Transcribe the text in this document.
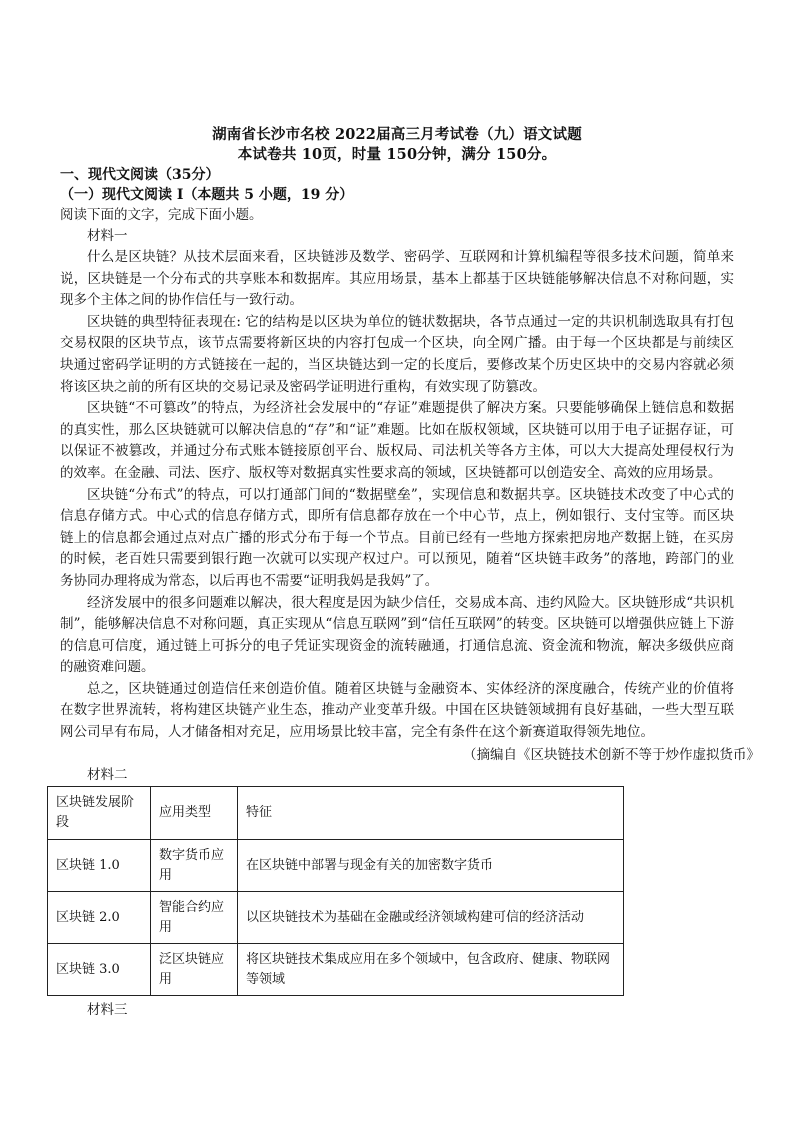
湖南省长沙市名校 2022届高三月考试卷（九）语文试题
本试卷共 10页，时量 150分钟，满分 150分。
一、现代文阅读（35分）
（一）现代文阅读 I（本题共 5 小题，19 分）

阅读下面的文字，完成下面小题。

材料一

什么是区块链？从技术层面来看，区块链涉及数学、密码学、互联网和计算机编程等很多技术问题，简单来说，区块链是一个分布式的共享账本和数据库。其应用场景，基本上都基于区块链能够解决信息不对称问题，实现多个主体之间的协作信任与一致行动。

区块链的典型特征表现在: 它的结构是以区块为单位的链状数据块，各节点通过一定的共识机制选取具有打包交易权限的区块节点，该节点需要将新区块的内容打包成一个区块，向全网广播。由于每一个区块都是与前续区块通过密码学证明的方式链接在一起的，当区块链达到一定的长度后，要修改某个历史区块中的交易内容就必须将该区块之前的所有区块的交易记录及密码学证明进行重构，有效实现了防篡改。

区块链“不可篡改”的特点，为经济社会发展中的“存证”难题提供了解决方案。只要能够确保上链信息和数据的真实性，那么区块链就可以解决信息的“存”和“证”难题。比如在版权领域，区块链可以用于电子证据存证，可以保证不被篡改，并通过分布式账本链接原创平台、版权局、司法机关等各方主体，可以大大提高处理侵权行为的效率。在金融、司法、医疗、版权等对数据真实性要求高的领域，区块链都可以创造安全、高效的应用场景。

区块链“分布式”的特点，可以打通部门间的“数据壁垒”，实现信息和数据共享。区块链技术改变了中心式的信息存储方式。中心式的信息存储方式，即所有信息都存放在一个中心节，点上，例如银行、支付宝等。而区块链上的信息都会通过点对点广播的形式分布于每一个节点。目前已经有一些地方探索把房地产数据上链，在买房的时候，老百姓只需要到银行跑一次就可以实现产权过户。可以预见，随着“区块链丰政务”的落地，跨部门的业务协同办理将成为常态，以后再也不需要“证明我妈是我妈”了。

经济发展中的很多问题难以解决，很大程度是因为缺少信任，交易成本高、违约风险大。区块链形成“共识机制”，能够解决信息不对称问题，真正实现从“信息互联网”到“信任互联网”的转变。区块链可以增强供应链上下游的信息可信度，通过链上可拆分的电子凭证实现资金的流转融通，打通信息流、资金流和物流，解决多级供应商的融资难问题。

总之，区块链通过创造信任来创造价值。随着区块链与金融资本、实体经济的深度融合，传统产业的价值将在数字世界流转，将构建区块链产业生态，推动产业变革升级。中国在区块链领域拥有良好基础，一些大型互联网公司早有布局，人才储备相对充足，应用场景比较丰富，完全有条件在这个新赛道取得领先地位。

（摘编自《区块链技术创新不等于炒作虚拟货币》
材料二
区块链发展阶段	应用类型	特征
区块链 1.0	数字货币应用	在区块链中部署与现金有关的加密数字货币
区块链 2.0	智能合约应用	以区块链技术为基础在金融或经济领域构建可信的经济活动
区块链 3.0	泛区块链应用	将区块链技术集成应用在多个领域中，包含政府、健康、物联网等领域
材料三
